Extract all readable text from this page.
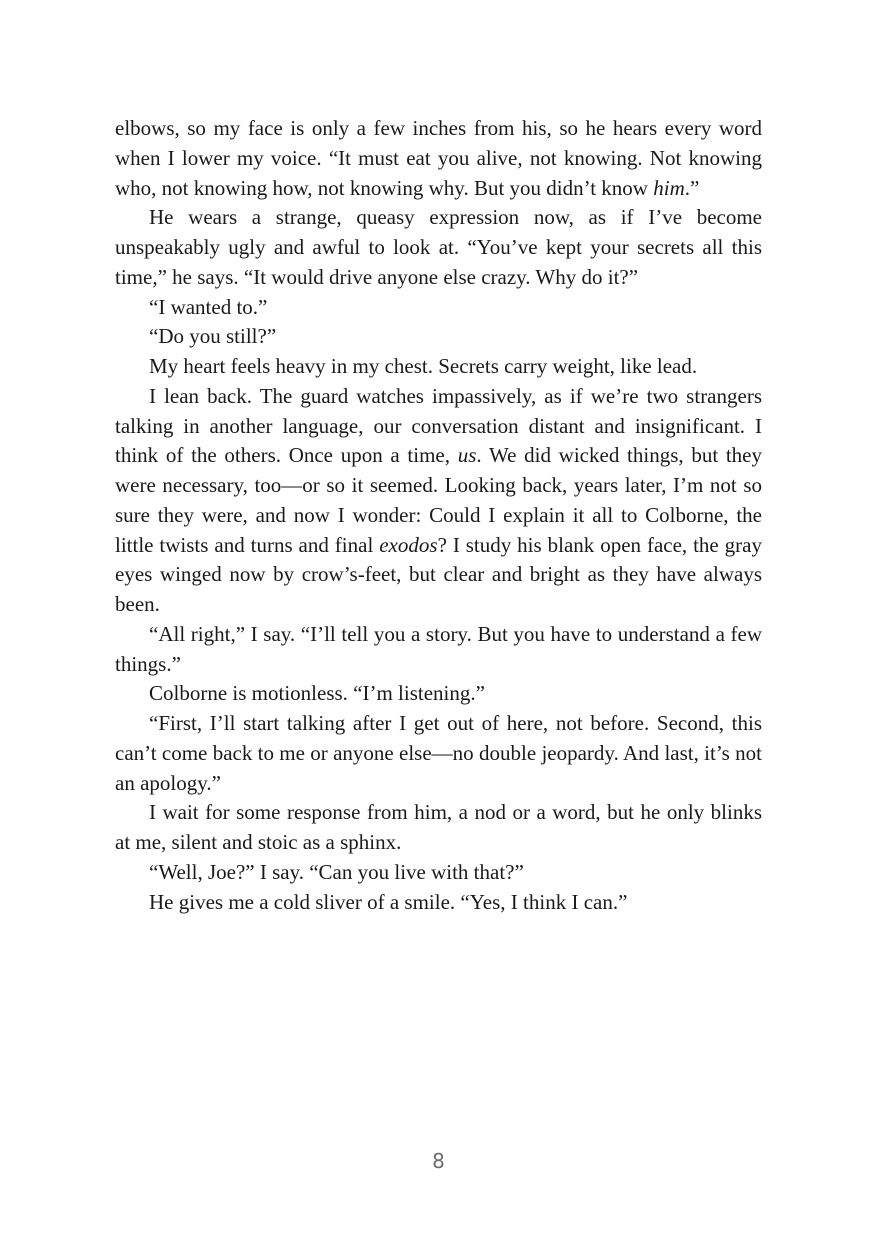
elbows, so my face is only a few inches from his, so he hears every word when I lower my voice. “It must eat you alive, not knowing. Not knowing who, not knowing how, not knowing why. But you didn’t know him.”

He wears a strange, queasy expression now, as if I’ve become unspeakably ugly and awful to look at. “You’ve kept your secrets all this time,” he says. “It would drive anyone else crazy. Why do it?”

“I wanted to.”

“Do you still?”

My heart feels heavy in my chest. Secrets carry weight, like lead.

I lean back. The guard watches impassively, as if we’re two strangers talking in another language, our conversation distant and insignificant. I think of the others. Once upon a time, us. We did wicked things, but they were necessary, too—or so it seemed. Looking back, years later, I’m not so sure they were, and now I wonder: Could I explain it all to Colborne, the little twists and turns and final exodos? I study his blank open face, the gray eyes winged now by crow’s-feet, but clear and bright as they have always been.

“All right,” I say. “I’ll tell you a story. But you have to understand a few things.”

Colborne is motionless. “I’m listening.”

“First, I’ll start talking after I get out of here, not before. Second, this can’t come back to me or anyone else—no double jeopardy. And last, it’s not an apology.”

I wait for some response from him, a nod or a word, but he only blinks at me, silent and stoic as a sphinx.

“Well, Joe?” I say. “Can you live with that?”

He gives me a cold sliver of a smile. “Yes, I think I can.”

8
